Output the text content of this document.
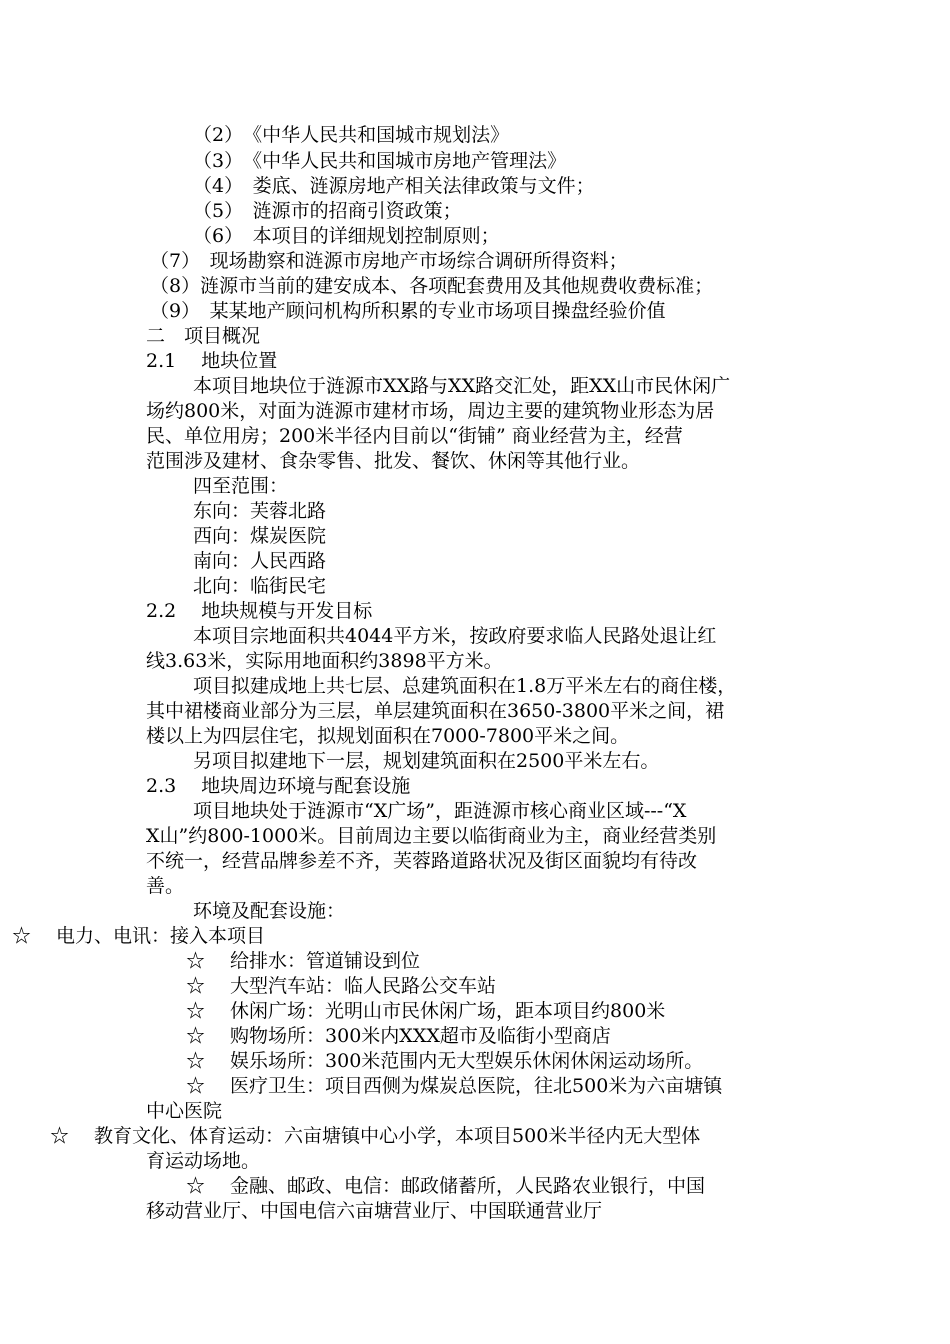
（2）　《中华人民共和国城市规划法》
（3）　《中华人民共和国城市房地产管理法》
（4）　娄底、涟源房地产相关法律政策与文件；
（5）　涟源市的招商引资政策；
（6）　本项目的详细规划控制原则；
（7）　现场勘察和涟源市房地产市场综合调研所得资料；
（8）涟源市当前的建安成本、各项配套费用及其他规费收费标准；
（9）　某某地产顾问机构所积累的专业市场项目操盘经验价值
二　项目概况
2.1　 地块位置
本项目地块位于涟源市XX路与XX路交汇处，距XX山市民休闲广
场约800米，对面为涟源市建材市场，周边主要的建筑物业形态为居
民、单位用房；200米半径内目前以“街铺” 商业经营为主，经营
范围涉及建材、食杂零售、批发、餐饮、休闲等其他行业。
四至范围：
东向：芙蓉北路
西向：煤炭医院
南向：人民西路
北向：临街民宅
2.2　 地块规模与开发目标
本项目宗地面积共4044平方米，按政府要求临人民路处退让红
线3.63米，实际用地面积约3898平方米。
项目拟建成地上共七层、总建筑面积在1.8万平米左右的商住楼，
其中裙楼商业部分为三层，单层建筑面积在3650-3800平米之间，裙
楼以上为四层住宅，拟规划面积在7000-7800平米之间。
另项目拟建地下一层，规划建筑面积在2500平米左右。
2.3　 地块周边环境与配套设施
项目地块处于涟源市“X广场”，距涟源市核心商业区域---“X
X山”约800-1000米。目前周边主要以临街商业为主，商业经营类别
不统一，经营品牌参差不齐，芙蓉路道路状况及街区面貌均有待改
善。
环境及配套设施：
☆　 电力、电讯：接入本项目
☆　 给排水：管道铺设到位
☆　 大型汽车站：临人民路公交车站
☆　 休闲广场：光明山市民休闲广场，距本项目约800米
☆　 购物场所：300米内XXX超市及临街小型商店
☆　 娱乐场所：300米范围内无大型娱乐休闲休闲运动场所。
☆　 医疗卫生：项目西侧为煤炭总医院，往北500米为六亩塘镇
中心医院
☆　 教育文化、体育运动：六亩塘镇中心小学，本项目500米半径内无大型体
育运动场地。
☆　 金融、邮政、电信：邮政储蓄所，人民路农业银行，中国
移动营业厅、中国电信六亩塘营业厅、中国联通营业厅
